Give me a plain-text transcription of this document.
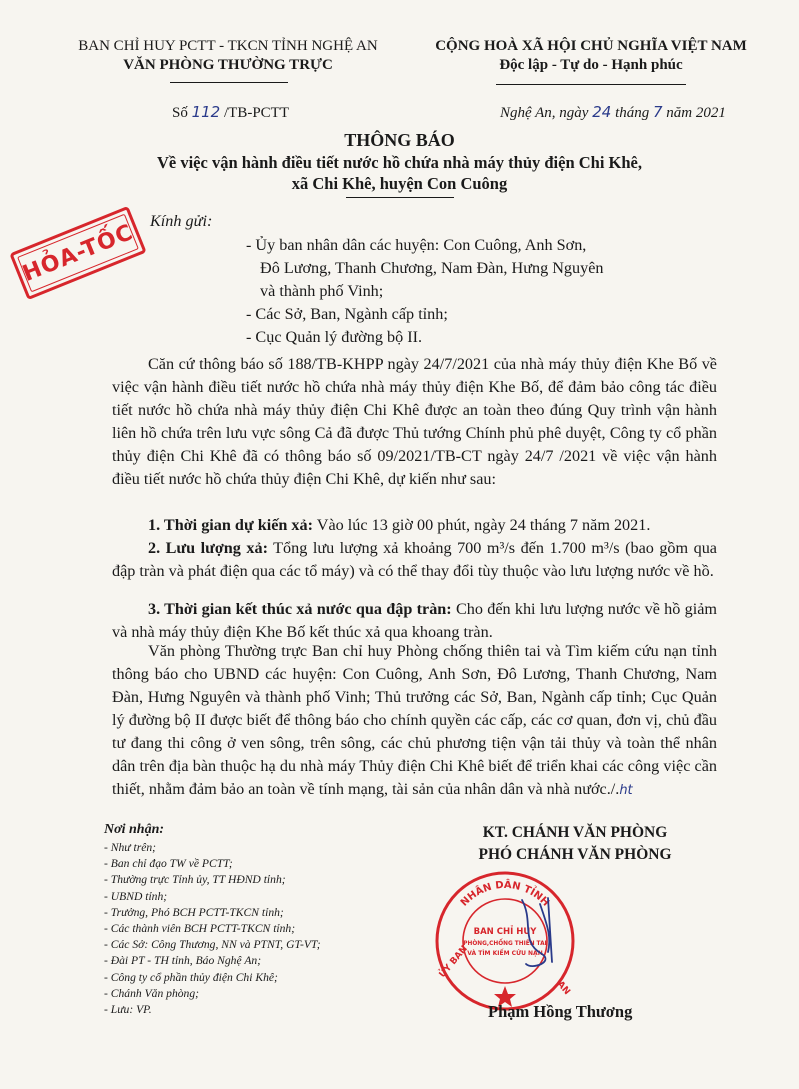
BAN CHỈ HUY PCTT - TKCN TỈNH NGHỆ AN
VĂN PHÒNG THƯỜNG TRỰC
CỘNG HOÀ XÃ HỘI CHỦ NGHĨA VIỆT NAM
Độc lập - Tự do - Hạnh phúc
Số 112 /TB-PCTT	Nghệ An, ngày 24 tháng 7 năm 2021
THÔNG BÁO
Về việc vận hành điều tiết nước hồ chứa nhà máy thủy điện Chi Khê,
xã Chi Khê, huyện Con Cuông
HỎA-TỐC Kính gửi:
- Ủy ban nhân dân các huyện: Con Cuông, Anh Sơn,
Đô Lương, Thanh Chương, Nam Đàn, Hưng Nguyên
và thành phố Vinh;
- Các Sở, Ban, Ngành cấp tỉnh;
- Cục Quản lý đường bộ II.
Căn cứ thông báo số 188/TB-KHPP ngày 24/7/2021 của nhà máy thủy điện Khe Bố về việc vận hành điều tiết nước hồ chứa nhà máy thủy điện Khe Bố, để đảm bảo công tác điều tiết nước hồ chứa nhà máy thủy điện Chi Khê được an toàn theo đúng Quy trình vận hành liên hồ chứa trên lưu vực sông Cả đã được Thủ tướng Chính phủ phê duyệt, Công ty cổ phần thủy điện Chi Khê đã có thông báo số 09/2021/TB-CT ngày 24/7 /2021 về việc vận hành điều tiết nước hồ chứa thủy điện Chi Khê, dự kiến như sau:
1. Thời gian dự kiến xả: Vào lúc 13 giờ 00 phút, ngày 24 tháng 7 năm 2021.
2. Lưu lượng xả: Tổng lưu lượng xả khoảng 700 m³/s đến 1.700 m³/s (bao gồm qua đập tràn và phát điện qua các tổ máy) và có thể thay đổi tùy thuộc vào lưu lượng nước về hồ.
3. Thời gian kết thúc xả nước qua đập tràn: Cho đến khi lưu lượng nước về hồ giảm và nhà máy thủy điện Khe Bố kết thúc xả qua khoang tràn.
Văn phòng Thường trực Ban chỉ huy Phòng chống thiên tai và Tìm kiếm cứu nạn tỉnh thông báo cho UBND các huyện: Con Cuông, Anh Sơn, Đô Lương, Thanh Chương, Nam Đàn, Hưng Nguyên và thành phố Vinh; Thủ trưởng các Sở, Ban, Ngành cấp tỉnh; Cục Quản lý đường bộ II được biết để thông báo cho chính quyền các cấp, các cơ quan, đơn vị, chủ đầu tư đang thi công ở ven sông, trên sông, các chủ phương tiện vận tải thủy và toàn thể nhân dân trên địa bàn thuộc hạ du nhà máy Thủy điện Chi Khê biết để triển khai các công việc cần thiết, nhằm đảm bảo an toàn về tính mạng, tài sản của nhân dân và nhà nước./.ht
Nơi nhận:
- Như trên;
- Ban chỉ đạo TW về PCTT;
- Thường trực Tỉnh ủy, TT HĐND tỉnh;
- UBND tỉnh;
- Trưởng, Phó BCH PCTT-TKCN tỉnh;
- Các thành viên BCH PCTT-TKCN tỉnh;
- Các Sở: Công Thương, NN và PTNT, GT-VT;
- Đài PT - TH tỉnh, Báo Nghệ An;
- Công ty cổ phần thủy điện Chi Khê;
- Chánh Văn phòng;
- Lưu: VP.
KT. CHÁNH VĂN PHÒNG
PHÓ CHÁNH VĂN PHÒNG
NHÂN DÂN TỈNH
ỦY BAN
AN
BAN CHỈ HUY
PHÒNG,CHỐNG THIÊN TAI
VÀ TÌM KIẾM CỨU NẠN
Phạm Hồng Thương
